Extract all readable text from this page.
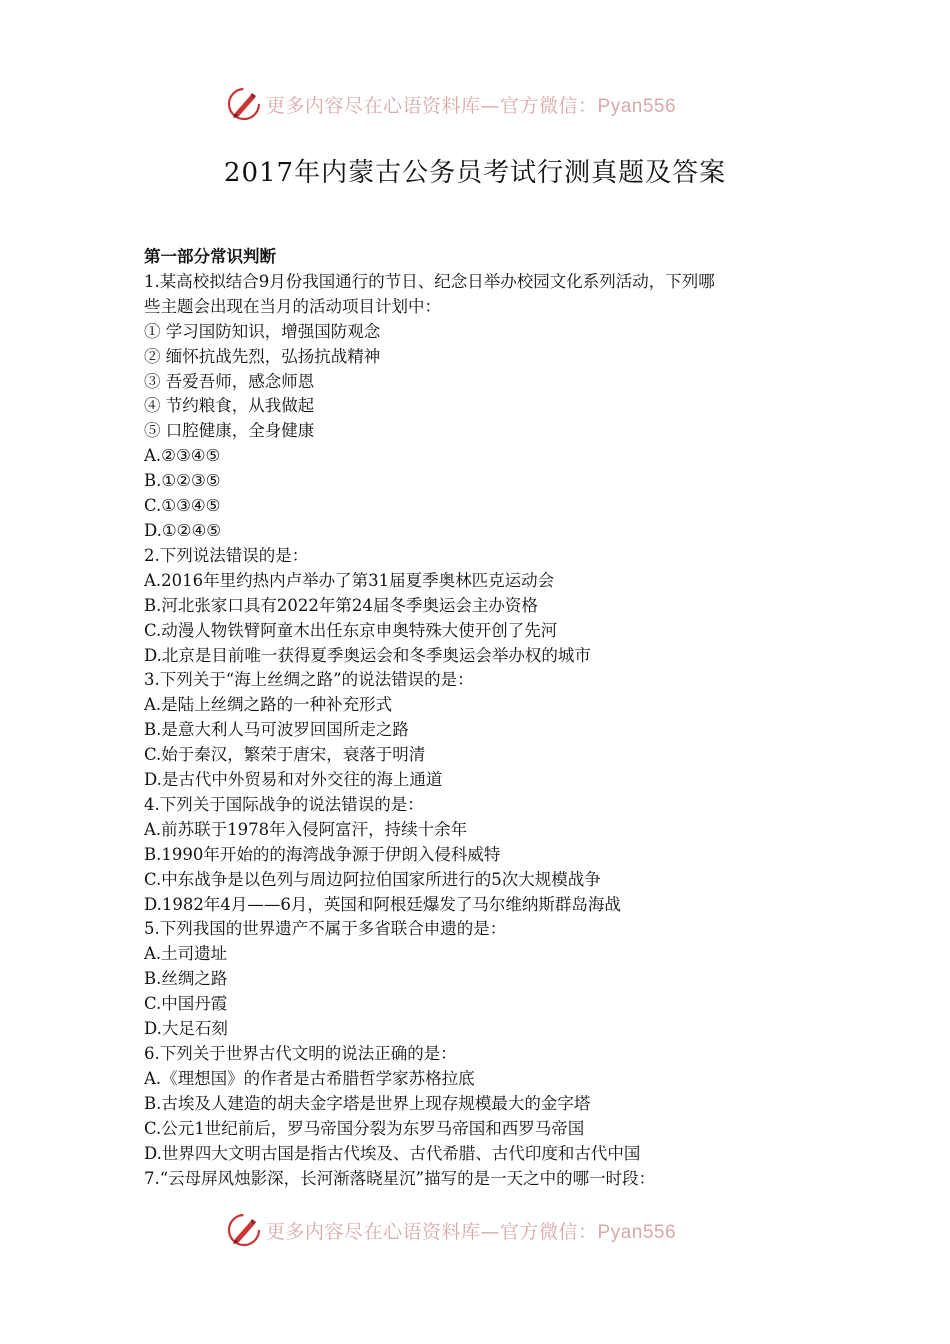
更多内容尽在心语资料库—官方微信：Pyan556
2017年内蒙古公务员考试行测真题及答案
第一部分常识判断
1.某高校拟结合9月份我国通行的节日、纪念日举办校园文化系列活动，下列哪
些主题会出现在当月的活动项目计划中：
① 学习国防知识，增强国防观念
② 缅怀抗战先烈，弘扬抗战精神
③ 吾爱吾师，感念师恩
④ 节约粮食，从我做起
⑤ 口腔健康，全身健康
A.②③④⑤
B.①②③⑤
C.①③④⑤
D.①②④⑤
2.下列说法错误的是：
A.2016年里约热内卢举办了第31届夏季奥林匹克运动会
B.河北张家口具有2022年第24届冬季奥运会主办资格
C.动漫人物铁臂阿童木出任东京申奥特殊大使开创了先河
D.北京是目前唯一获得夏季奥运会和冬季奥运会举办权的城市
3.下列关于“海上丝绸之路”的说法错误的是：
A.是陆上丝绸之路的一种补充形式
B.是意大利人马可波罗回国所走之路
C.始于秦汉，繁荣于唐宋，衰落于明清
D.是古代中外贸易和对外交往的海上通道
4.下列关于国际战争的说法错误的是：
A.前苏联于1978年入侵阿富汗，持续十余年
B.1990年开始的的海湾战争源于伊朗入侵科威特
C.中东战争是以色列与周边阿拉伯国家所进行的5次大规模战争
D.1982年4月——6月，英国和阿根廷爆发了马尔维纳斯群岛海战
5.下列我国的世界遗产不属于多省联合申遗的是：
A.土司遗址
B.丝绸之路
C.中国丹霞
D.大足石刻
6.下列关于世界古代文明的说法正确的是：
A.《理想国》的作者是古希腊哲学家苏格拉底
B.古埃及人建造的胡夫金字塔是世界上现存规模最大的金字塔
C.公元1世纪前后，罗马帝国分裂为东罗马帝国和西罗马帝国
D.世界四大文明古国是指古代埃及、古代希腊、古代印度和古代中国
7.“云母屏风烛影深，长河渐落晓星沉”描写的是一天之中的哪一时段：
更多内容尽在心语资料库—官方微信：Pyan556
